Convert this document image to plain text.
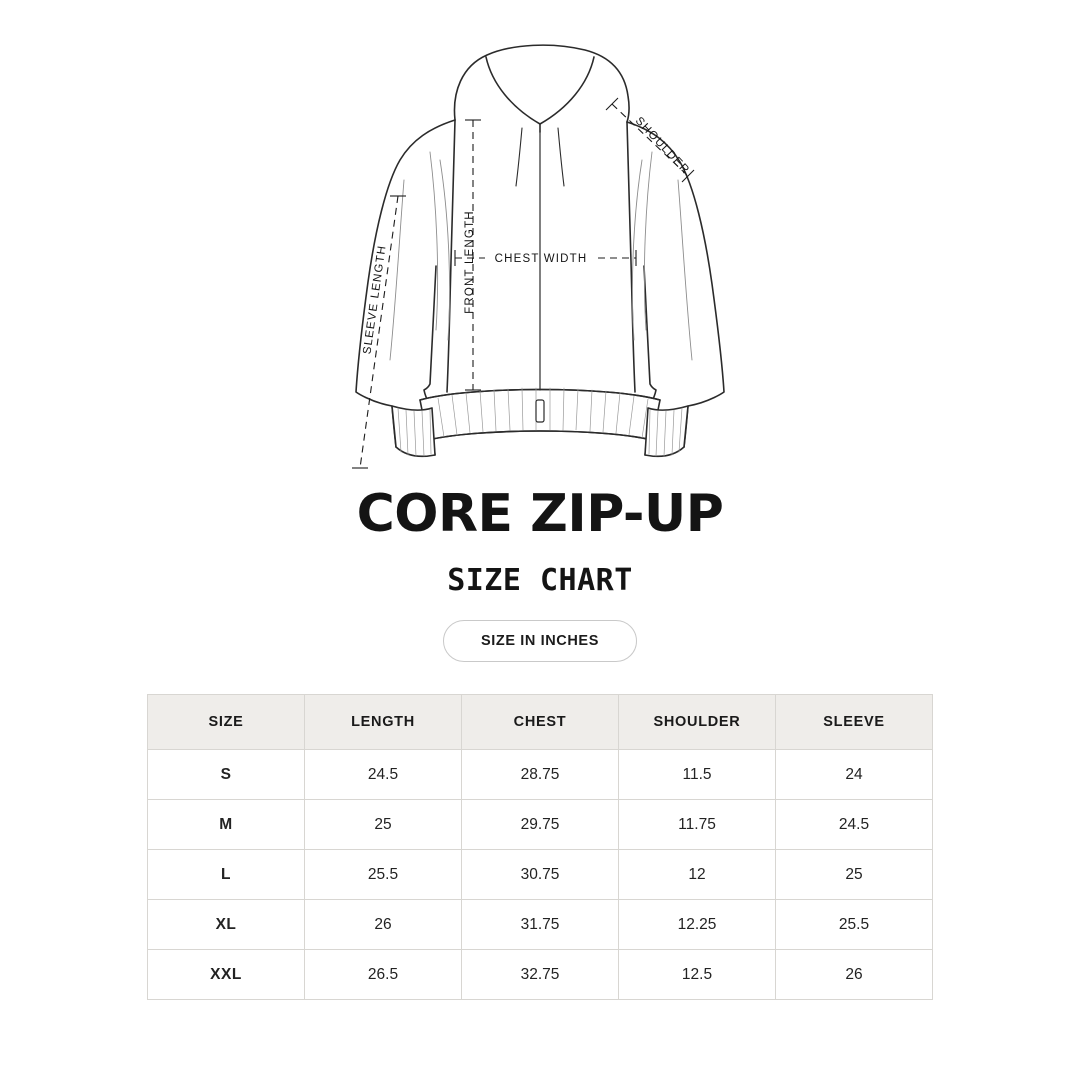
CHEST WIDTH
FRONT LENGTH
SLEEVE LENGTH
SHOULDER
CORE ZIP-UP
SIZE CHART
SIZE IN INCHES
SIZE	LENGTH	CHEST	SHOULDER	SLEEVE
S	24.5	28.75	11.5	24
M	25	29.75	11.75	24.5
L	25.5	30.75	12	25
XL	26	31.75	12.25	25.5
XXL	26.5	32.75	12.5	26
